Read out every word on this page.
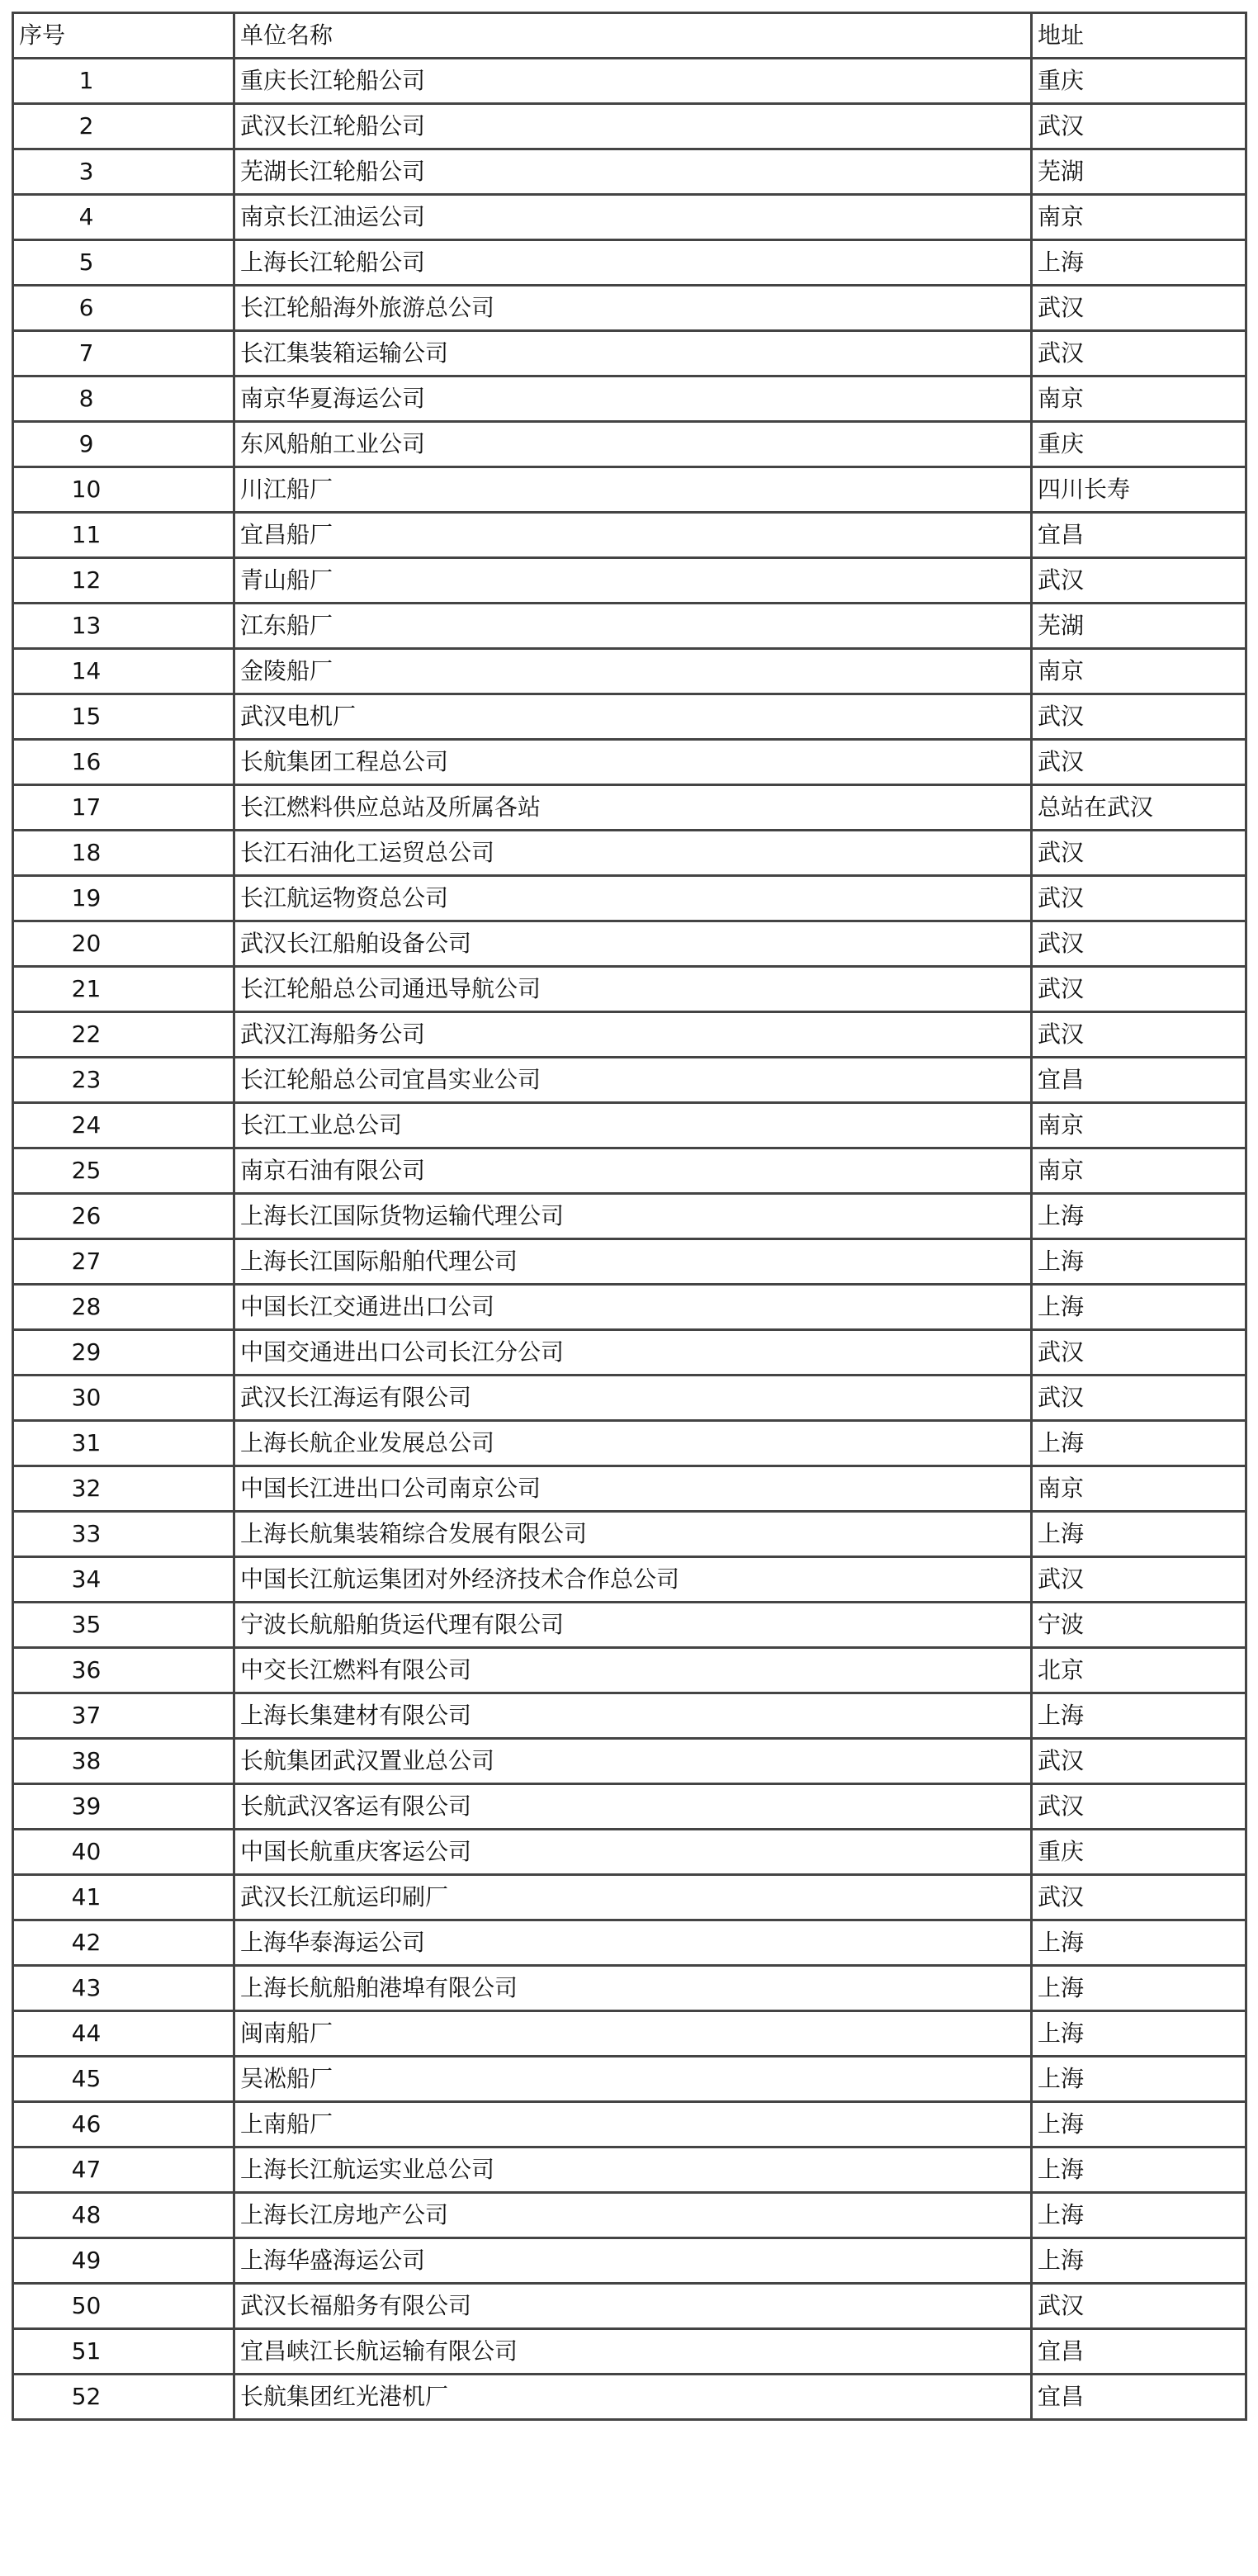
序号	单位名称	地址
1	重庆长江轮船公司	重庆
2	武汉长江轮船公司	武汉
3	芜湖长江轮船公司	芜湖
4	南京长江油运公司	南京
5	上海长江轮船公司	上海
6	长江轮船海外旅游总公司	武汉
7	长江集装箱运输公司	武汉
8	南京华夏海运公司	南京
9	东风船舶工业公司	重庆
10	川江船厂	四川长寿
11	宜昌船厂	宜昌
12	青山船厂	武汉
13	江东船厂	芜湖
14	金陵船厂	南京
15	武汉电机厂	武汉
16	长航集团工程总公司	武汉
17	长江燃料供应总站及所属各站	总站在武汉
18	长江石油化工运贸总公司	武汉
19	长江航运物资总公司	武汉
20	武汉长江船舶设备公司	武汉
21	长江轮船总公司通迅导航公司	武汉
22	武汉江海船务公司	武汉
23	长江轮船总公司宜昌实业公司	宜昌
24	长江工业总公司	南京
25	南京石油有限公司	南京
26	上海长江国际货物运输代理公司	上海
27	上海长江国际船舶代理公司	上海
28	中国长江交通进出口公司	上海
29	中国交通进出口公司长江分公司	武汉
30	武汉长江海运有限公司	武汉
31	上海长航企业发展总公司	上海
32	中国长江进出口公司南京公司	南京
33	上海长航集装箱综合发展有限公司	上海
34	中国长江航运集团对外经济技术合作总公司	武汉
35	宁波长航船舶货运代理有限公司	宁波
36	中交长江燃料有限公司	北京
37	上海长集建材有限公司	上海
38	长航集团武汉置业总公司	武汉
39	长航武汉客运有限公司	武汉
40	中国长航重庆客运公司	重庆
41	武汉长江航运印刷厂	武汉
42	上海华泰海运公司	上海
43	上海长航船舶港埠有限公司	上海
44	闽南船厂	上海
45	吴凇船厂	上海
46	上南船厂	上海
47	上海长江航运实业总公司	上海
48	上海长江房地产公司	上海
49	上海华盛海运公司	上海
50	武汉长福船务有限公司	武汉
51	宜昌峡江长航运输有限公司	宜昌
52	长航集团红光港机厂	宜昌
